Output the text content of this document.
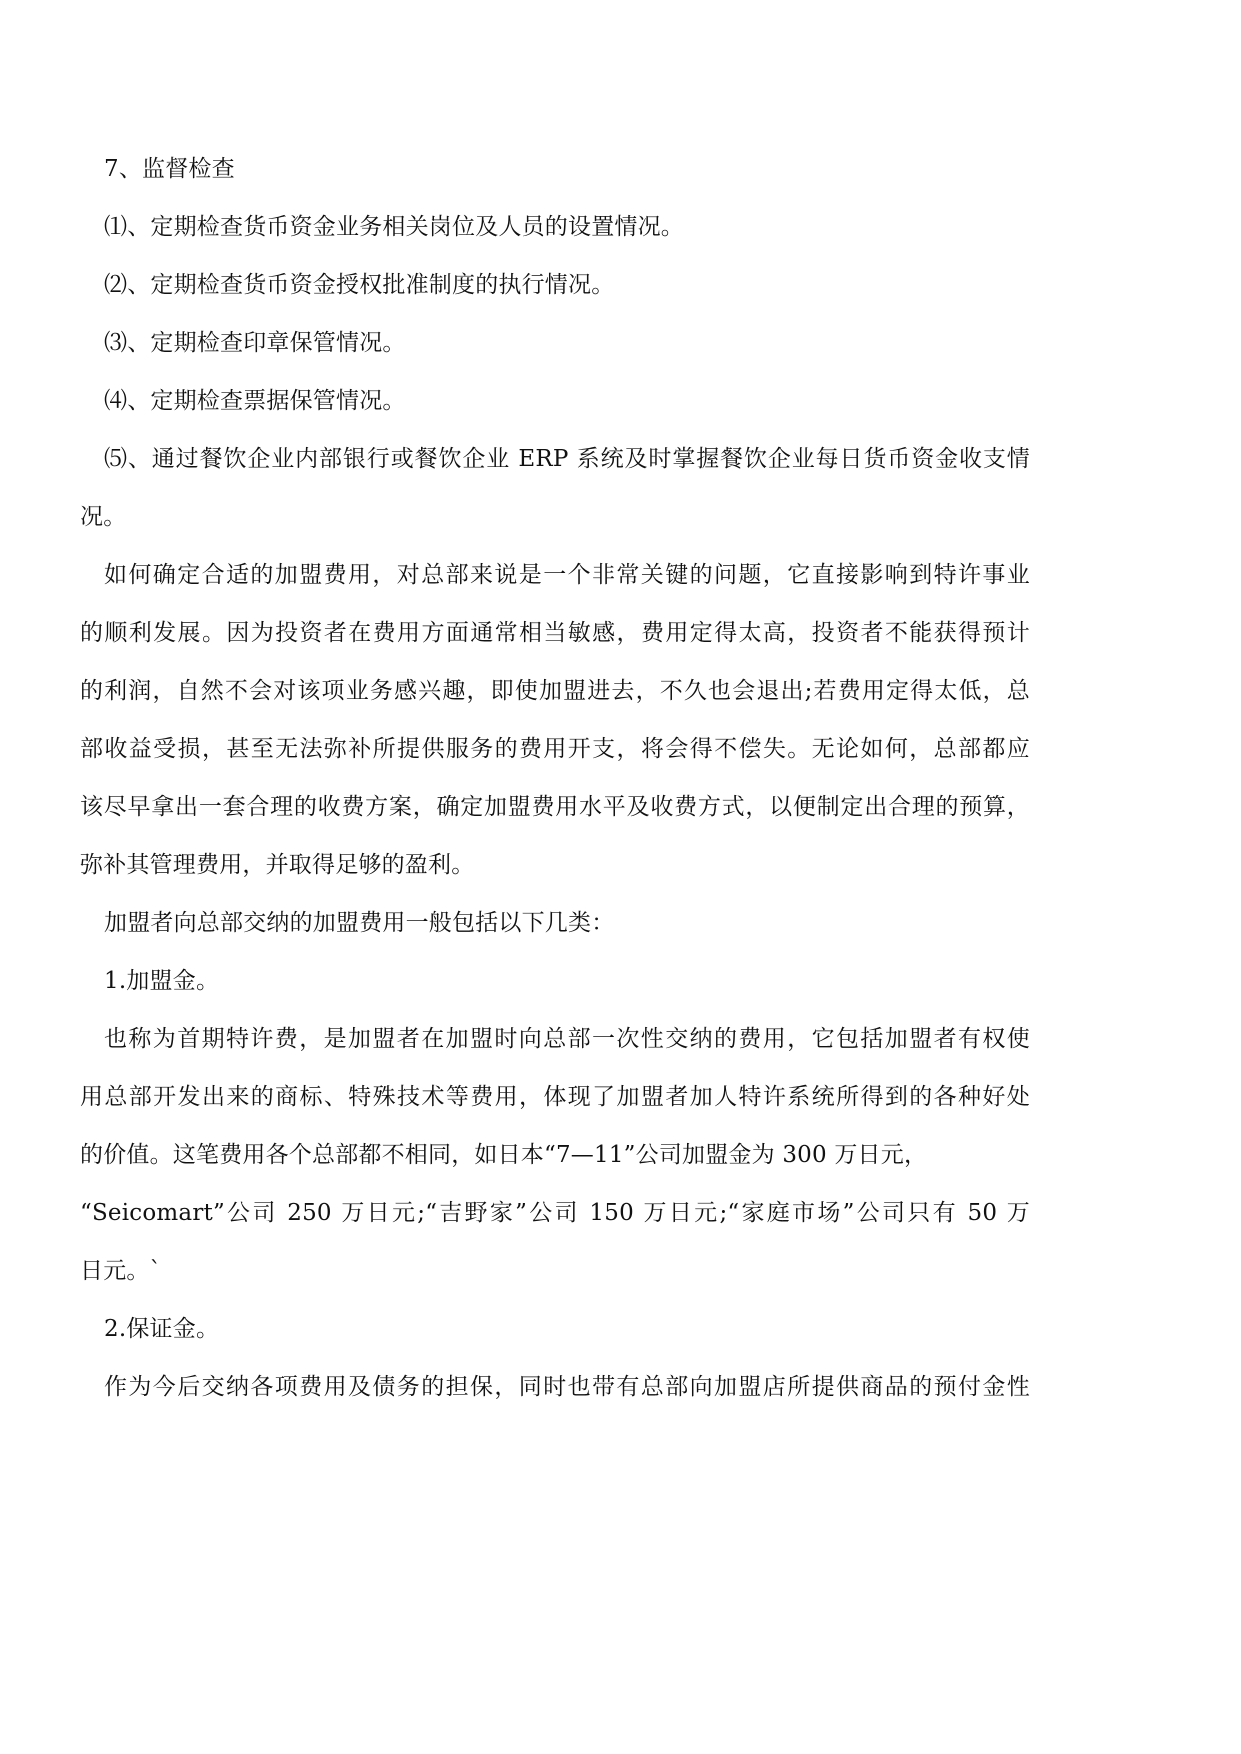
7、监督检查

⑴、定期检查货币资金业务相关岗位及人员的设置情况。

⑵、定期检查货币资金授权批准制度的执行情况。

⑶、定期检查印章保管情况。

⑷、定期检查票据保管情况。

⑸、通过餐饮企业内部银行或餐饮企业 ERP 系统及时掌握餐饮企业每日货币资金收支情

况。

如何确定合适的加盟费用，对总部来说是一个非常关键的问题，它直接影响到特许事业

的顺利发展。因为投资者在费用方面通常相当敏感，费用定得太高，投资者不能获得预计

的利润，自然不会对该项业务感兴趣，即使加盟进去，不久也会退出;若费用定得太低，总

部收益受损，甚至无法弥补所提供服务的费用开支，将会得不偿失。无论如何，总部都应

该尽早拿出一套合理的收费方案，确定加盟费用水平及收费方式，以便制定出合理的预算，

弥补其管理费用，并取得足够的盈利。

加盟者向总部交纳的加盟费用一般包括以下几类：

1.加盟金。

也称为首期特许费，是加盟者在加盟时向总部一次性交纳的费用，它包括加盟者有权使

用总部开发出来的商标、特殊技术等费用，体现了加盟者加人特许系统所得到的各种好处

的价值。这笔费用各个总部都不相同，如日本“7—11”公司加盟金为 300 万日元，

“Seicomart”公司 250 万日元;“吉野家”公司 150 万日元;“家庭市场”公司只有 50 万

日元。`

2.保证金。

作为今后交纳各项费用及债务的担保，同时也带有总部向加盟店所提供商品的预付金性
